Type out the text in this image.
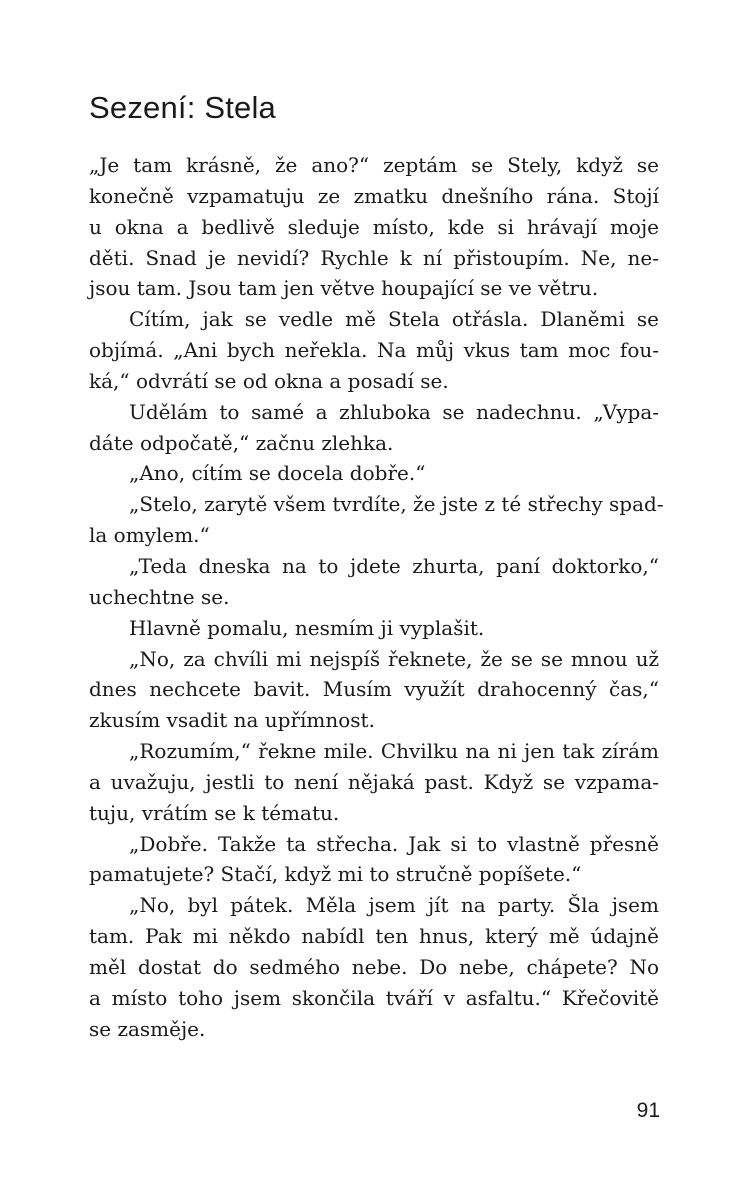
Sezení: Stela
„Je tam krásně, že ano?“ zeptám se Stely, když se
konečně vzpamatuju ze zmatku dnešního rána. Stojí
u okna a bedlivě sleduje místo, kde si hrávají moje
děti. Snad je nevidí? Rychle k ní přistoupím. Ne, ne-
jsou tam. Jsou tam jen větve houpající se ve větru.
Cítím, jak se vedle mě Stela otřásla. Dlaněmi se
objímá. „Ani bych neřekla. Na můj vkus tam moc fou-
ká,“ odvrátí se od okna a posadí se.
Udělám to samé a zhluboka se nadechnu. „Vypa-
dáte odpočatě,“ začnu zlehka.
„Ano, cítím se docela dobře.“
„Stelo, zarytě všem tvrdíte, že jste z té střechy spad-
la omylem.“
„Teda dneska na to jdete zhurta, paní doktorko,“
uchechtne se.
Hlavně pomalu, nesmím ji vyplašit.
„No, za chvíli mi nejspíš řeknete, že se se mnou už
dnes nechcete bavit. Musím využít drahocenný čas,“
zkusím vsadit na upřímnost.
„Rozumím,“ řekne mile. Chvilku na ni jen tak zírám
a uvažuju, jestli to není nějaká past. Když se vzpama-
tuju, vrátím se k tématu.
„Dobře. Takže ta střecha. Jak si to vlastně přesně
pamatujete? Stačí, když mi to stručně popíšete.“
„No, byl pátek. Měla jsem jít na party. Šla jsem
tam. Pak mi někdo nabídl ten hnus, který mě údajně
měl dostat do sedmého nebe. Do nebe, chápete? No
a místo toho jsem skončila tváří v asfaltu.“ Křečovitě
se zasměje.

91
